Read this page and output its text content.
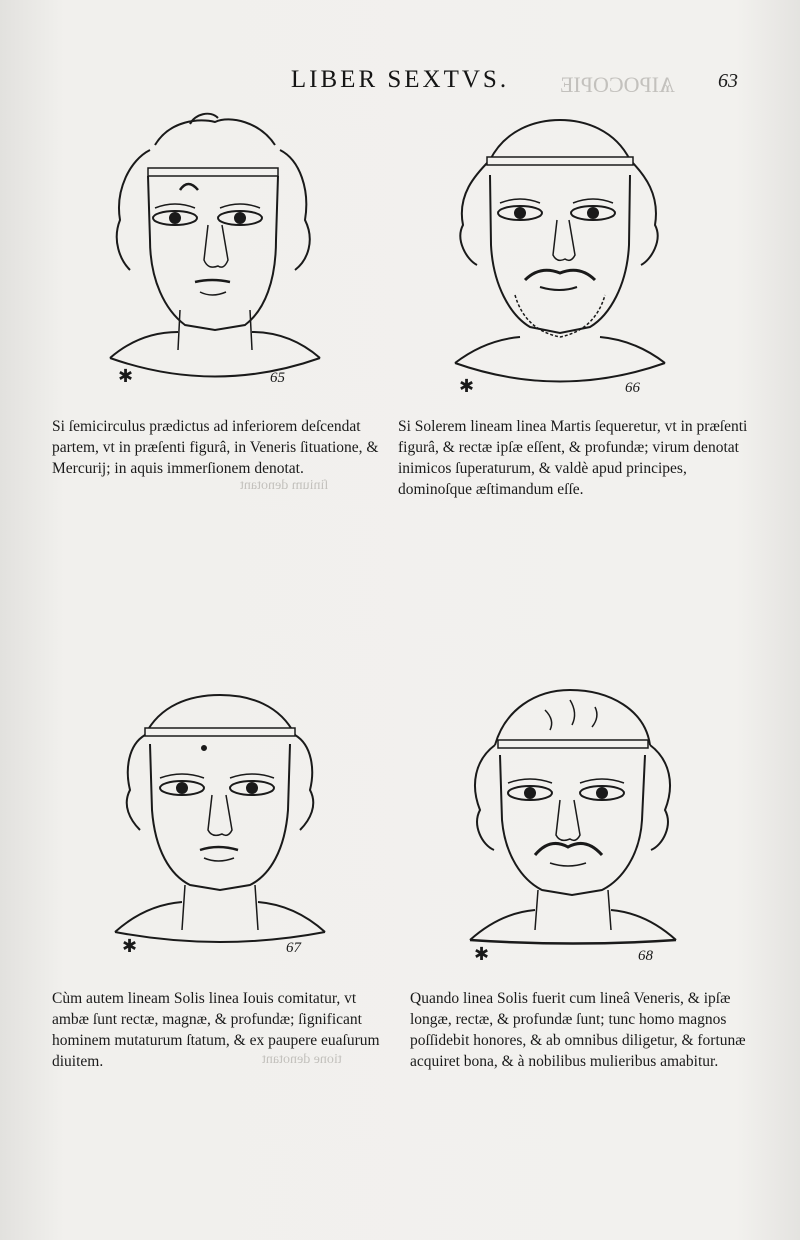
LIBER SEXTVS.	63
ѦIPOCOPIE
ſinium denotant
tione denotant
✱	65	✱	66
✱	67	✱	68

Si ſemicirculus prædictus ad inferiorem deſcendat partem, vt in præſenti figurâ, in Veneris ſituatione, & Mercurij; in aquis immerſionem denotat.

Si Solerem lineam linea Martis ſequeretur, vt in præſenti figurâ, & rectæ ipſæ eſſent, & profundæ; virum denotat inimicos ſuperaturum, & valdè apud principes, dominoſque æſtimandum eſſe.

Cùm autem lineam Solis linea Iouis comitatur, vt ambæ ſunt rectæ, magnæ, & profundæ; ſignificant hominem mutaturum ſtatum, & ex paupere euaſurum diuitem.

Quando linea Solis fuerit cum lineâ Veneris, & ipſæ longæ, rectæ, & profundæ ſunt; tunc homo magnos poſſidebit honores, & ab omnibus diligetur, & fortunæ acquiret bona, & à nobilibus mulieribus amabitur.
